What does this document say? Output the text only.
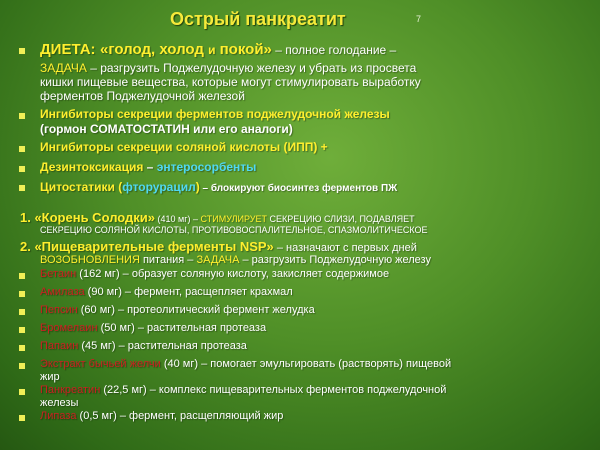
Острый панкреатит	7
ДИЕТА: «голод, холод и покой» – полное голодание –
ЗАДАЧА – разгрузить Поджелудочную железу и убрать из просвета
кишки пищевые вещества, которые могут стимулировать выработку
ферментов Поджелудочной железой
Ингибиторы секреции ферментов поджелудочной железы
(гормон СОМАТОСТАТИН или его аналоги)
Ингибиторы секреции соляной кислоты (ИПП) +
Дезинтоксикация – энтеросорбенты
Цитостатики (фторурацил) – блокируют биосинтез ферментов ПЖ
1. «Корень Солодки» (410 мг) – СТИМУЛИРУЕТ СЕКРЕЦИЮ СЛИЗИ, ПОДАВЛЯЕТ
СЕКРЕЦИЮ СОЛЯНОЙ КИСЛОТЫ, ПРОТИВОВОСПАЛИТЕЛЬНОЕ, СПАЗМОЛИТИЧЕСКОЕ
2. «Пищеварительные ферменты NSP» – назначают с первых дней
ВОЗОБНОВЛЕНИЯ питания – ЗАДАЧА – разгрузить Поджелудочную железу
Бетаин (162 мг) – образует соляную кислоту, закисляет содержимое
Амилаза (90 мг) – фермент, расщепляет крахмал
Пепсин (60 мг) – протеолитический фермент желудка
Бромелаин (50 мг) – растительная протеаза
Папаин (45 мг) – растительная протеаза
Экстракт бычьей желчи (40 мг) – помогает эмульгировать (растворять) пищевой
жир
Панкреатин (22,5 мг) – комплекс пищеварительных ферментов поджелудочной
железы
Липаза (0,5 мг) – фермент, расщепляющий жир
